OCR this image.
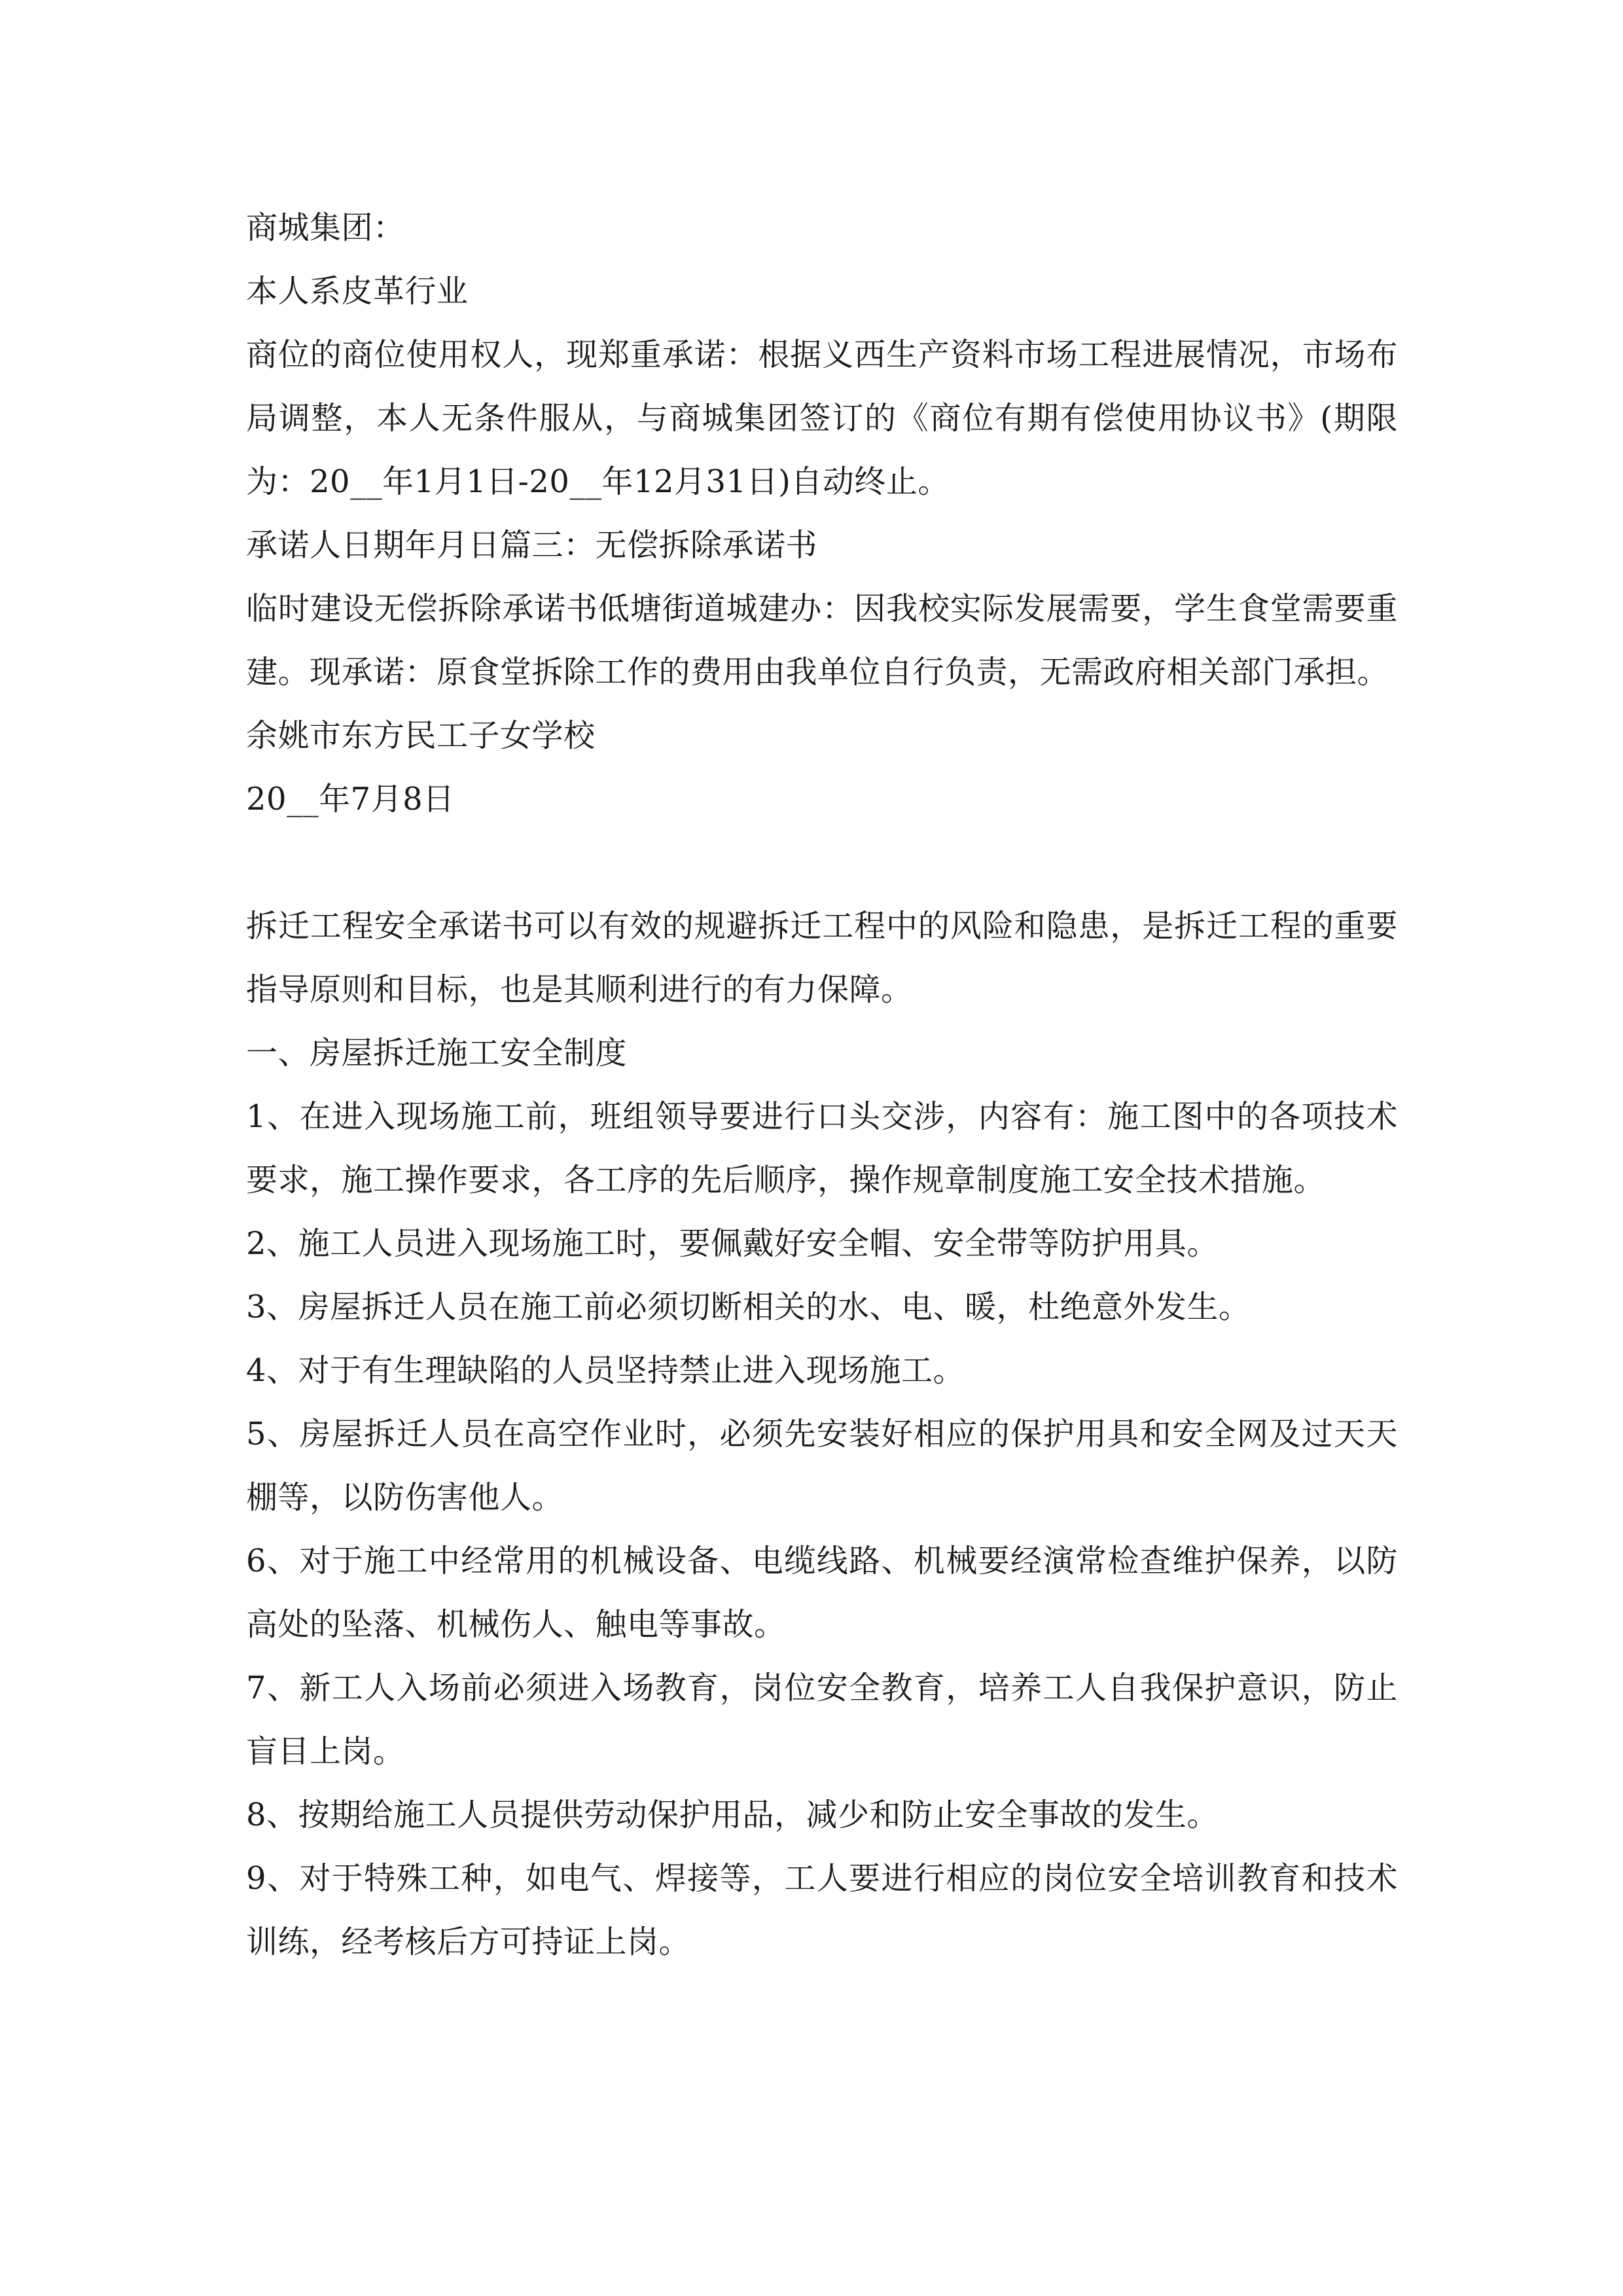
商城集团：

本人系皮革行业

商位的商位使用权人，现郑重承诺：根据义西生产资料市场工程进展情况，市场布局调整，本人无条件服从，与商城集团签订的《商位有期有偿使用协议书》(期限为：20__年1月1日-20__年12月31日)自动终止。

承诺人日期年月日篇三：无偿拆除承诺书

临时建设无偿拆除承诺书低塘街道城建办：因我校实际发展需要，学生食堂需要重建。现承诺：原食堂拆除工作的费用由我单位自行负责，无需政府相关部门承担。

余姚市东方民工子女学校

20__年7月8日

拆迁工程安全承诺书可以有效的规避拆迁工程中的风险和隐患，是拆迁工程的重要指导原则和目标，也是其顺利进行的有力保障。

一、房屋拆迁施工安全制度

1、在进入现场施工前，班组领导要进行口头交涉，内容有：施工图中的各项技术要求，施工操作要求，各工序的先后顺序，操作规章制度施工安全技术措施。

2、施工人员进入现场施工时，要佩戴好安全帽、安全带等防护用具。

3、房屋拆迁人员在施工前必须切断相关的水、电、暖，杜绝意外发生。

4、对于有生理缺陷的人员坚持禁止进入现场施工。

5、房屋拆迁人员在高空作业时，必须先安装好相应的保护用具和安全网及过天天棚等，以防伤害他人。

6、对于施工中经常用的机械设备、电缆线路、机械要经演常检查维护保养，以防高处的坠落、机械伤人、触电等事故。

7、新工人入场前必须进入场教育，岗位安全教育，培养工人自我保护意识，防止盲目上岗。

8、按期给施工人员提供劳动保护用品，减少和防止安全事故的发生。

9、对于特殊工种，如电气、焊接等，工人要进行相应的岗位安全培训教育和技术训练，经考核后方可持证上岗。
